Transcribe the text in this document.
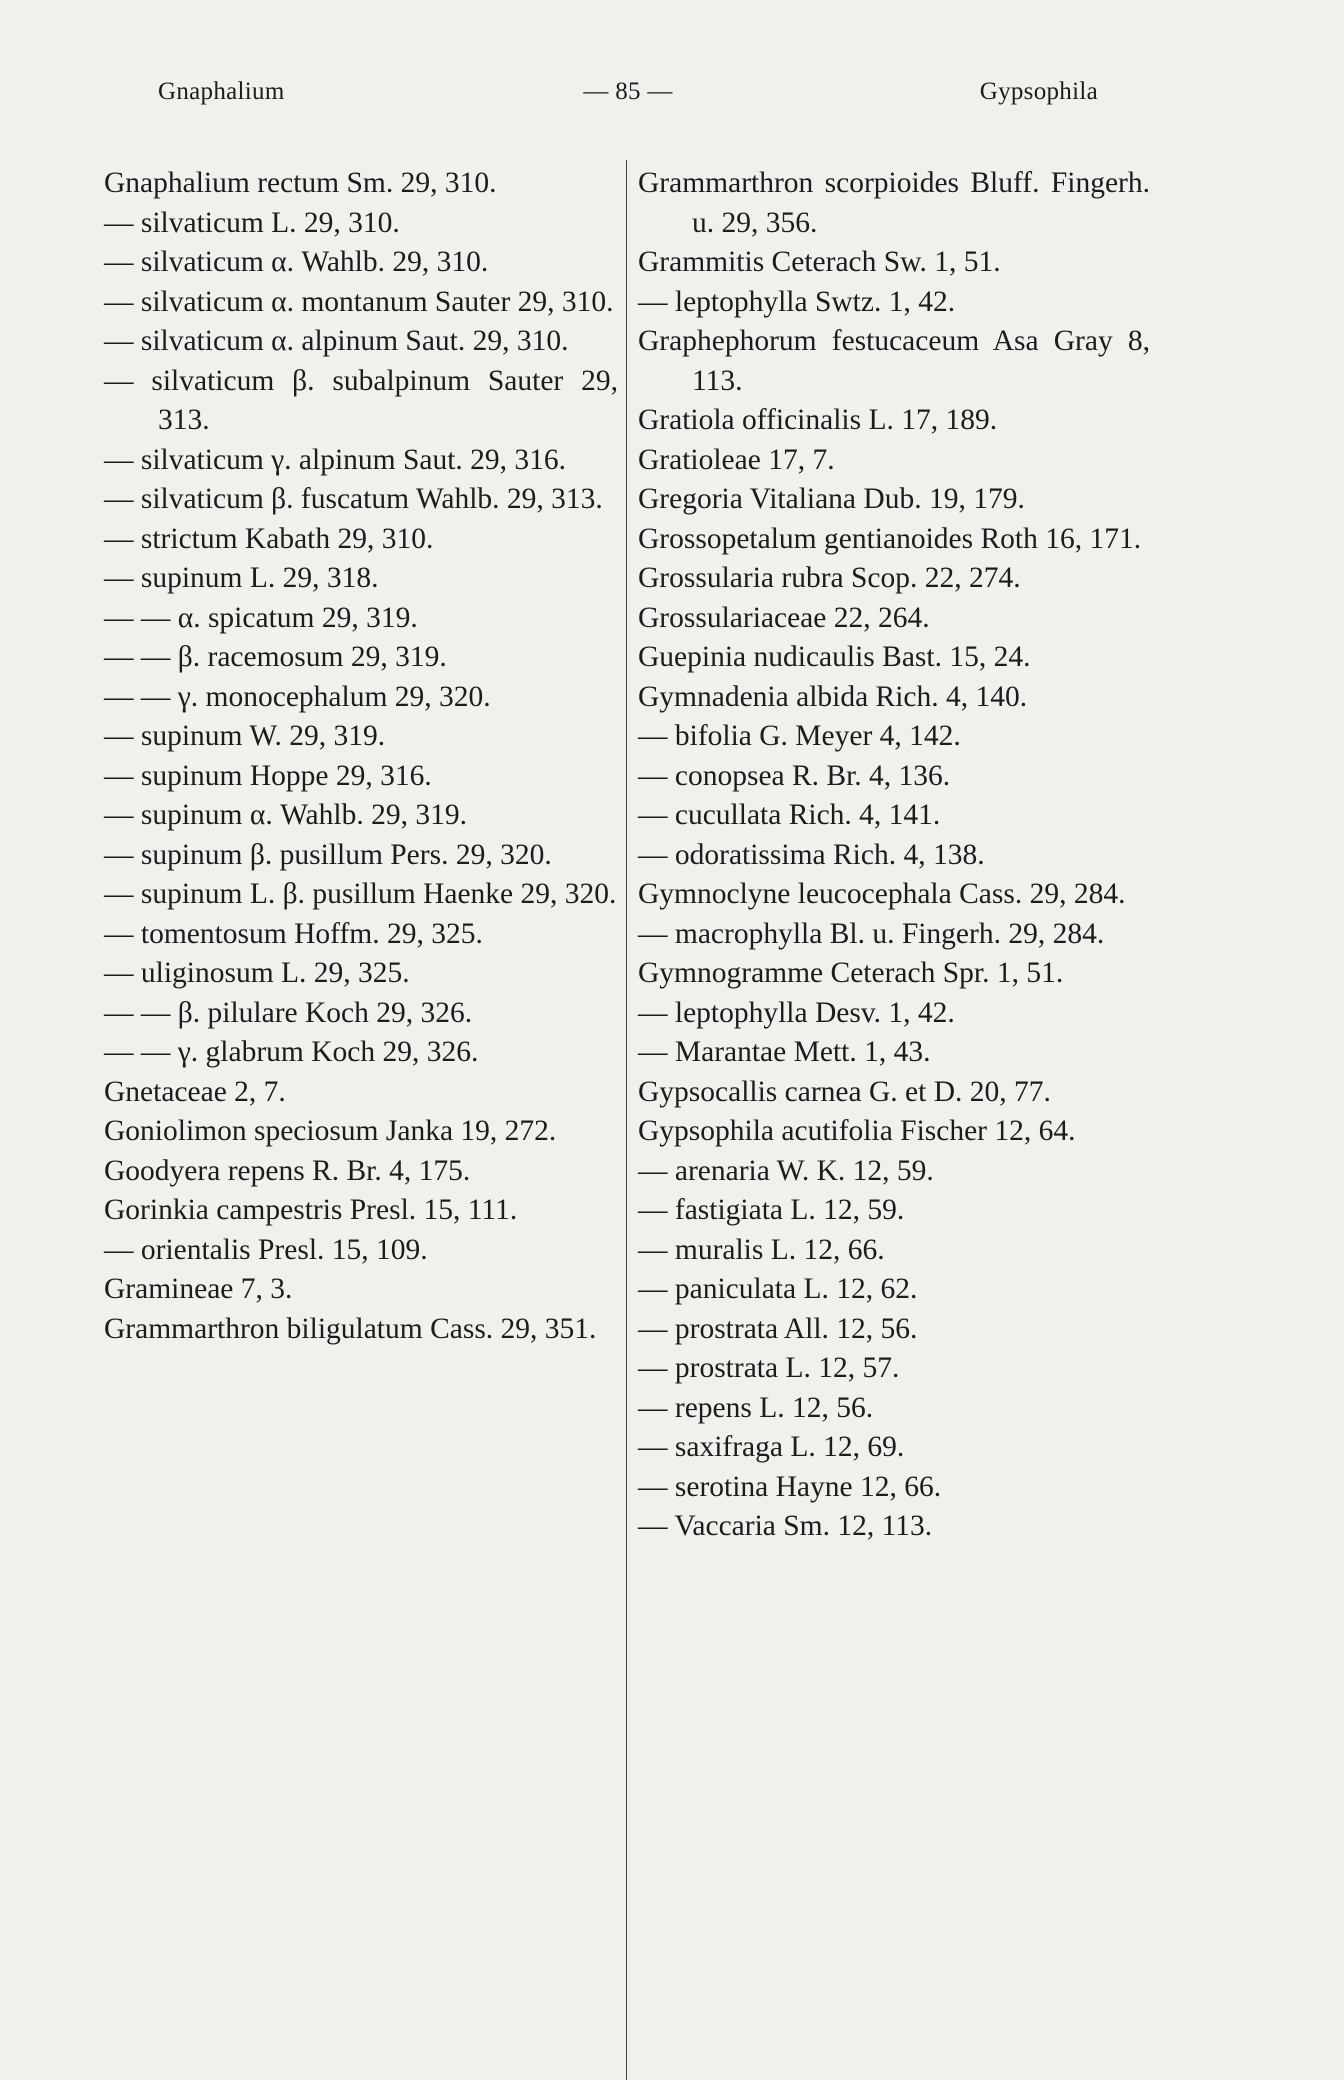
Gnaphalium	— 85 —	Gypsophila

Gnaphalium rectum Sm. 29, 310.

— silvaticum L. 29, 310.

— silvaticum α. Wahlb. 29, 310.

— silvaticum α. montanum Sauter 29, 310.

— silvaticum α. alpinum Saut. 29, 310.

— silvaticum β. subalpinum Sauter 29, 313.

— silvaticum γ. alpinum Saut. 29, 316.

— silvaticum β. fuscatum Wahlb. 29, 313.

— strictum Kabath 29, 310.

— supinum L. 29, 318.

— — α. spicatum 29, 319.

— — β. racemosum 29, 319.

— — γ. monocephalum 29, 320.

— supinum W. 29, 319.

— supinum Hoppe 29, 316.

— supinum α. Wahlb. 29, 319.

— supinum β. pusillum Pers. 29, 320.

— supinum L. β. pusillum Haenke 29, 320.

— tomentosum Hoffm. 29, 325.

— uliginosum L. 29, 325.

— — β. pilulare Koch 29, 326.

— — γ. glabrum Koch 29, 326.

Gnetaceae 2, 7.

Goniolimon speciosum Janka 19, 272.

Goodyera repens R. Br. 4, 175.

Gorinkia campestris Presl. 15, 111.

— orientalis Presl. 15, 109.

Gramineae 7, 3.

Grammarthron biligulatum Cass. 29, 351.

Grammarthron scorpioides Bluff. Fingerh. u. 29, 356.

Grammitis Ceterach Sw. 1, 51.

— leptophylla Swtz. 1, 42.

Graphephorum festucaceum Asa Gray 8, 113.

Gratiola officinalis L. 17, 189.

Gratioleae 17, 7.

Gregoria Vitaliana Dub. 19, 179.

Grossopetalum gentianoides Roth 16, 171.

Grossularia rubra Scop. 22, 274.

Grossulariaceae 22, 264.

Guepinia nudicaulis Bast. 15, 24.

Gymnadenia albida Rich. 4, 140.

— bifolia G. Meyer 4, 142.

— conopsea R. Br. 4, 136.

— cucullata Rich. 4, 141.

— odoratissima Rich. 4, 138.

Gymnoclyne leucocephala Cass. 29, 284.

— macrophylla Bl. u. Fingerh. 29, 284.

Gymnogramme Ceterach Spr. 1, 51.

— leptophylla Desv. 1, 42.

— Marantae Mett. 1, 43.

Gypsocallis carnea G. et D. 20, 77.

Gypsophila acutifolia Fischer 12, 64.

— arenaria W. K. 12, 59.

— fastigiata L. 12, 59.

— muralis L. 12, 66.

— paniculata L. 12, 62.

— prostrata All. 12, 56.

— prostrata L. 12, 57.

— repens L. 12, 56.

— saxifraga L. 12, 69.

— serotina Hayne 12, 66.

— Vaccaria Sm. 12, 113.
